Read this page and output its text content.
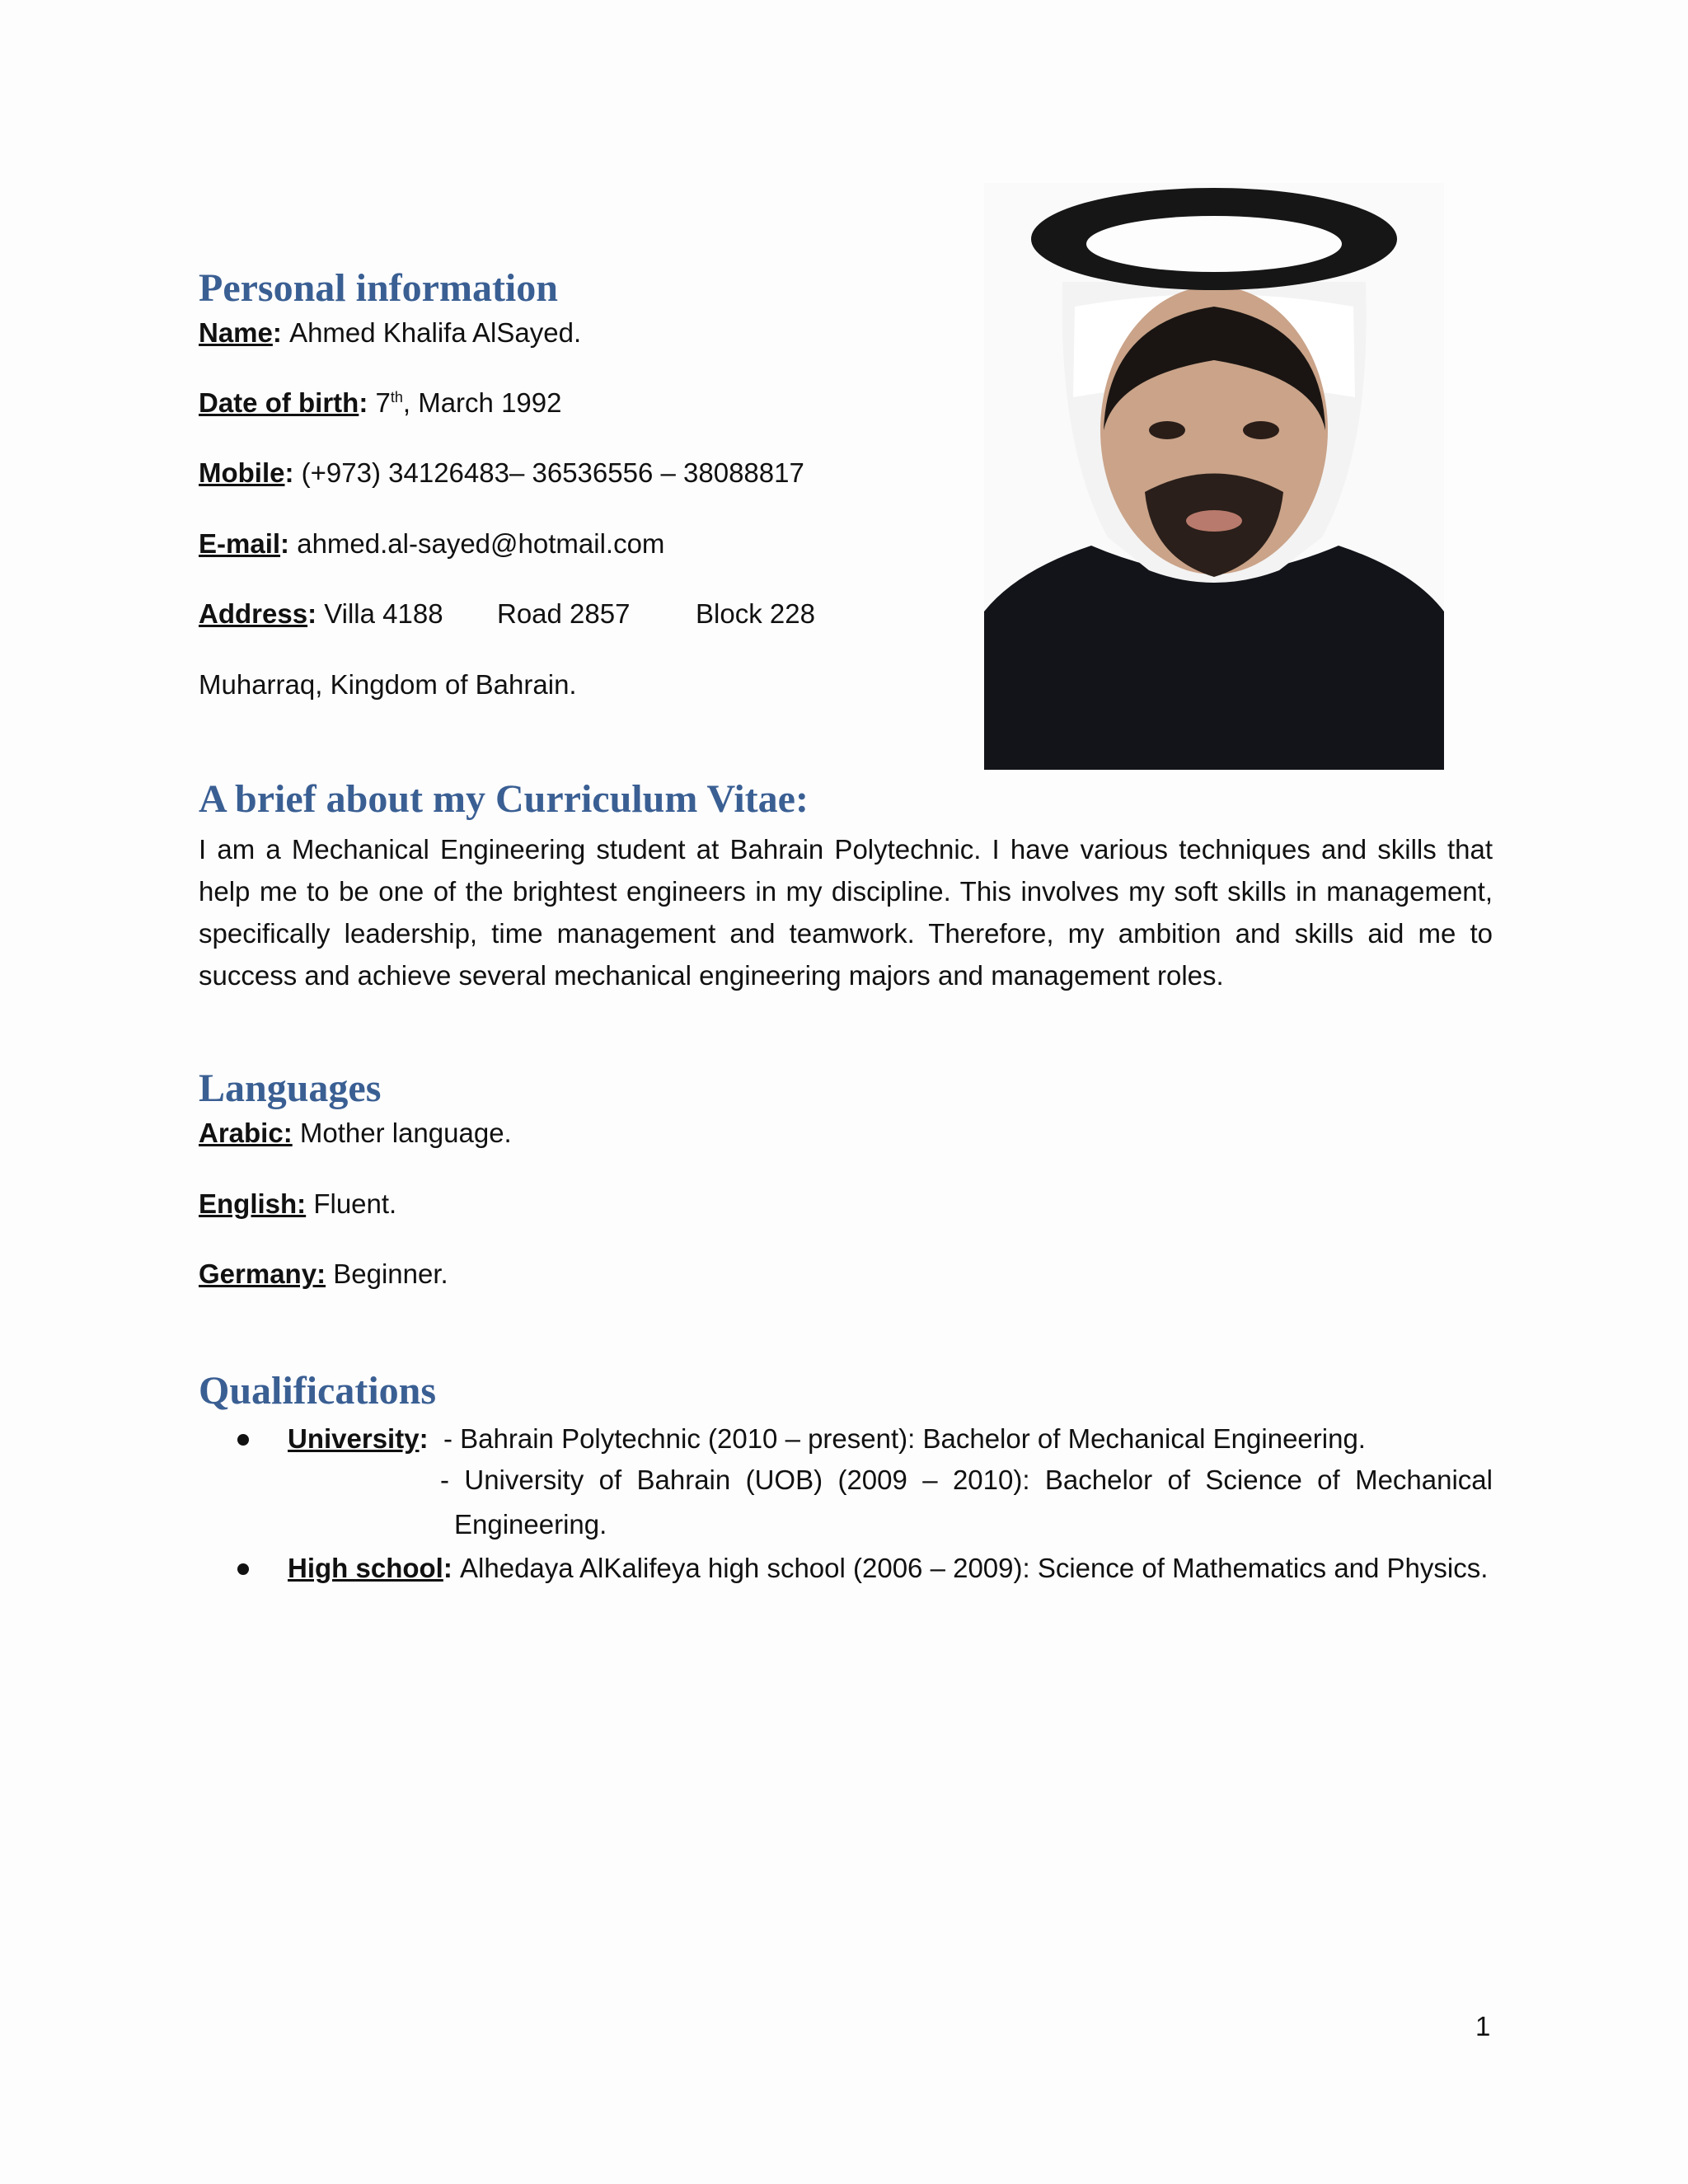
Personal information
Name: Ahmed Khalifa AlSayed.
Date of birth: 7th, March 1992
Mobile: (+973) 34126483– 36536556 – 38088817
E-mail: ahmed.al-sayed@hotmail.com
Address: Villa 4188 Road 2857 Block 228
Muharraq, Kingdom of Bahrain.
A brief about my Curriculum Vitae:

I am a Mechanical Engineering student at Bahrain Polytechnic. I have various techniques and skills that help me to be one of the brightest engineers in my discipline. This involves my soft skills in management, specifically leadership, time management and teamwork. Therefore, my ambition and skills aid me to success and achieve several mechanical engineering majors and management roles.

Languages
Arabic: Mother language.
English: Fluent.
Germany: Beginner.
Qualifications
University: - Bahrain Polytechnic (2010 – present): Bachelor of Mechanical Engineering.
- University of Bahrain (UOB) (2009 – 2010): Bachelor of Science of Mechanical
Engineering.
High school: Alhedaya AlKalifeya high school (2006 – 2009): Science of Mathematics and Physics.
1
